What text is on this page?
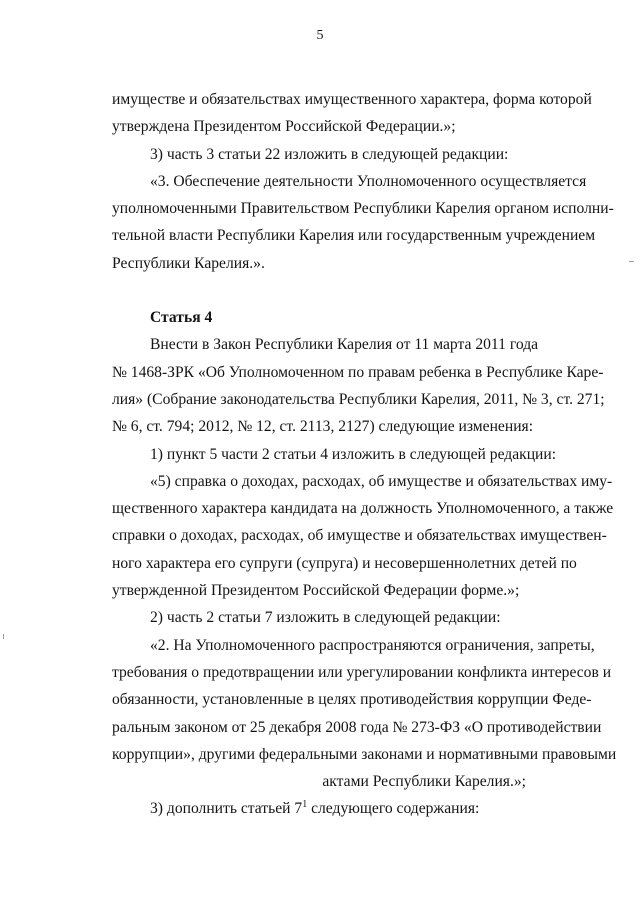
5

имуществе и обязательствах имущественного характера, форма которой

утверждена Президентом Российской Федерации.»;

3) часть 3 статьи 22 изложить в следующей редакции:

«3. Обеспечение деятельности Уполномоченного осуществляется

уполномоченными Правительством Республики Карелия органом исполни-

тельной власти Республики Карелия или государственным учреждением

Республики Карелия.».

Статья 4

Внести в Закон Республики Карелия от 11 марта 2011 года

№ 1468-ЗРК «Об Уполномоченном по правам ребенка в Республике Каре-

лия» (Собрание законодательства Республики Карелия, 2011, № 3, ст. 271;

№ 6, ст. 794; 2012, № 12, ст. 2113, 2127) следующие изменения:

1) пункт 5 части 2 статьи 4 изложить в следующей редакции:

«5) справка о доходах, расходах, об имуществе и обязательствах иму-

щественного характера кандидата на должность Уполномоченного, а также

справки о доходах, расходах, об имуществе и обязательствах имуществен-

ного характера его супруги (супруга) и несовершеннолетних детей по

утвержденной Президентом Российской Федерации форме.»;

2) часть 2 статьи 7 изложить в следующей редакции:

«2. На Уполномоченного распространяются ограничения, запреты,

требования о предотвращении или урегулировании конфликта интересов и

обязанности, установленные в целях противодействия коррупции Феде-

ральным законом от 25 декабря 2008 года № 273-ФЗ «О противодействии

коррупции», другими федеральными законами и нормативными правовыми

актами Республики Карелия.»;

3) дополнить статьей $7^1$ следующего содержания:
